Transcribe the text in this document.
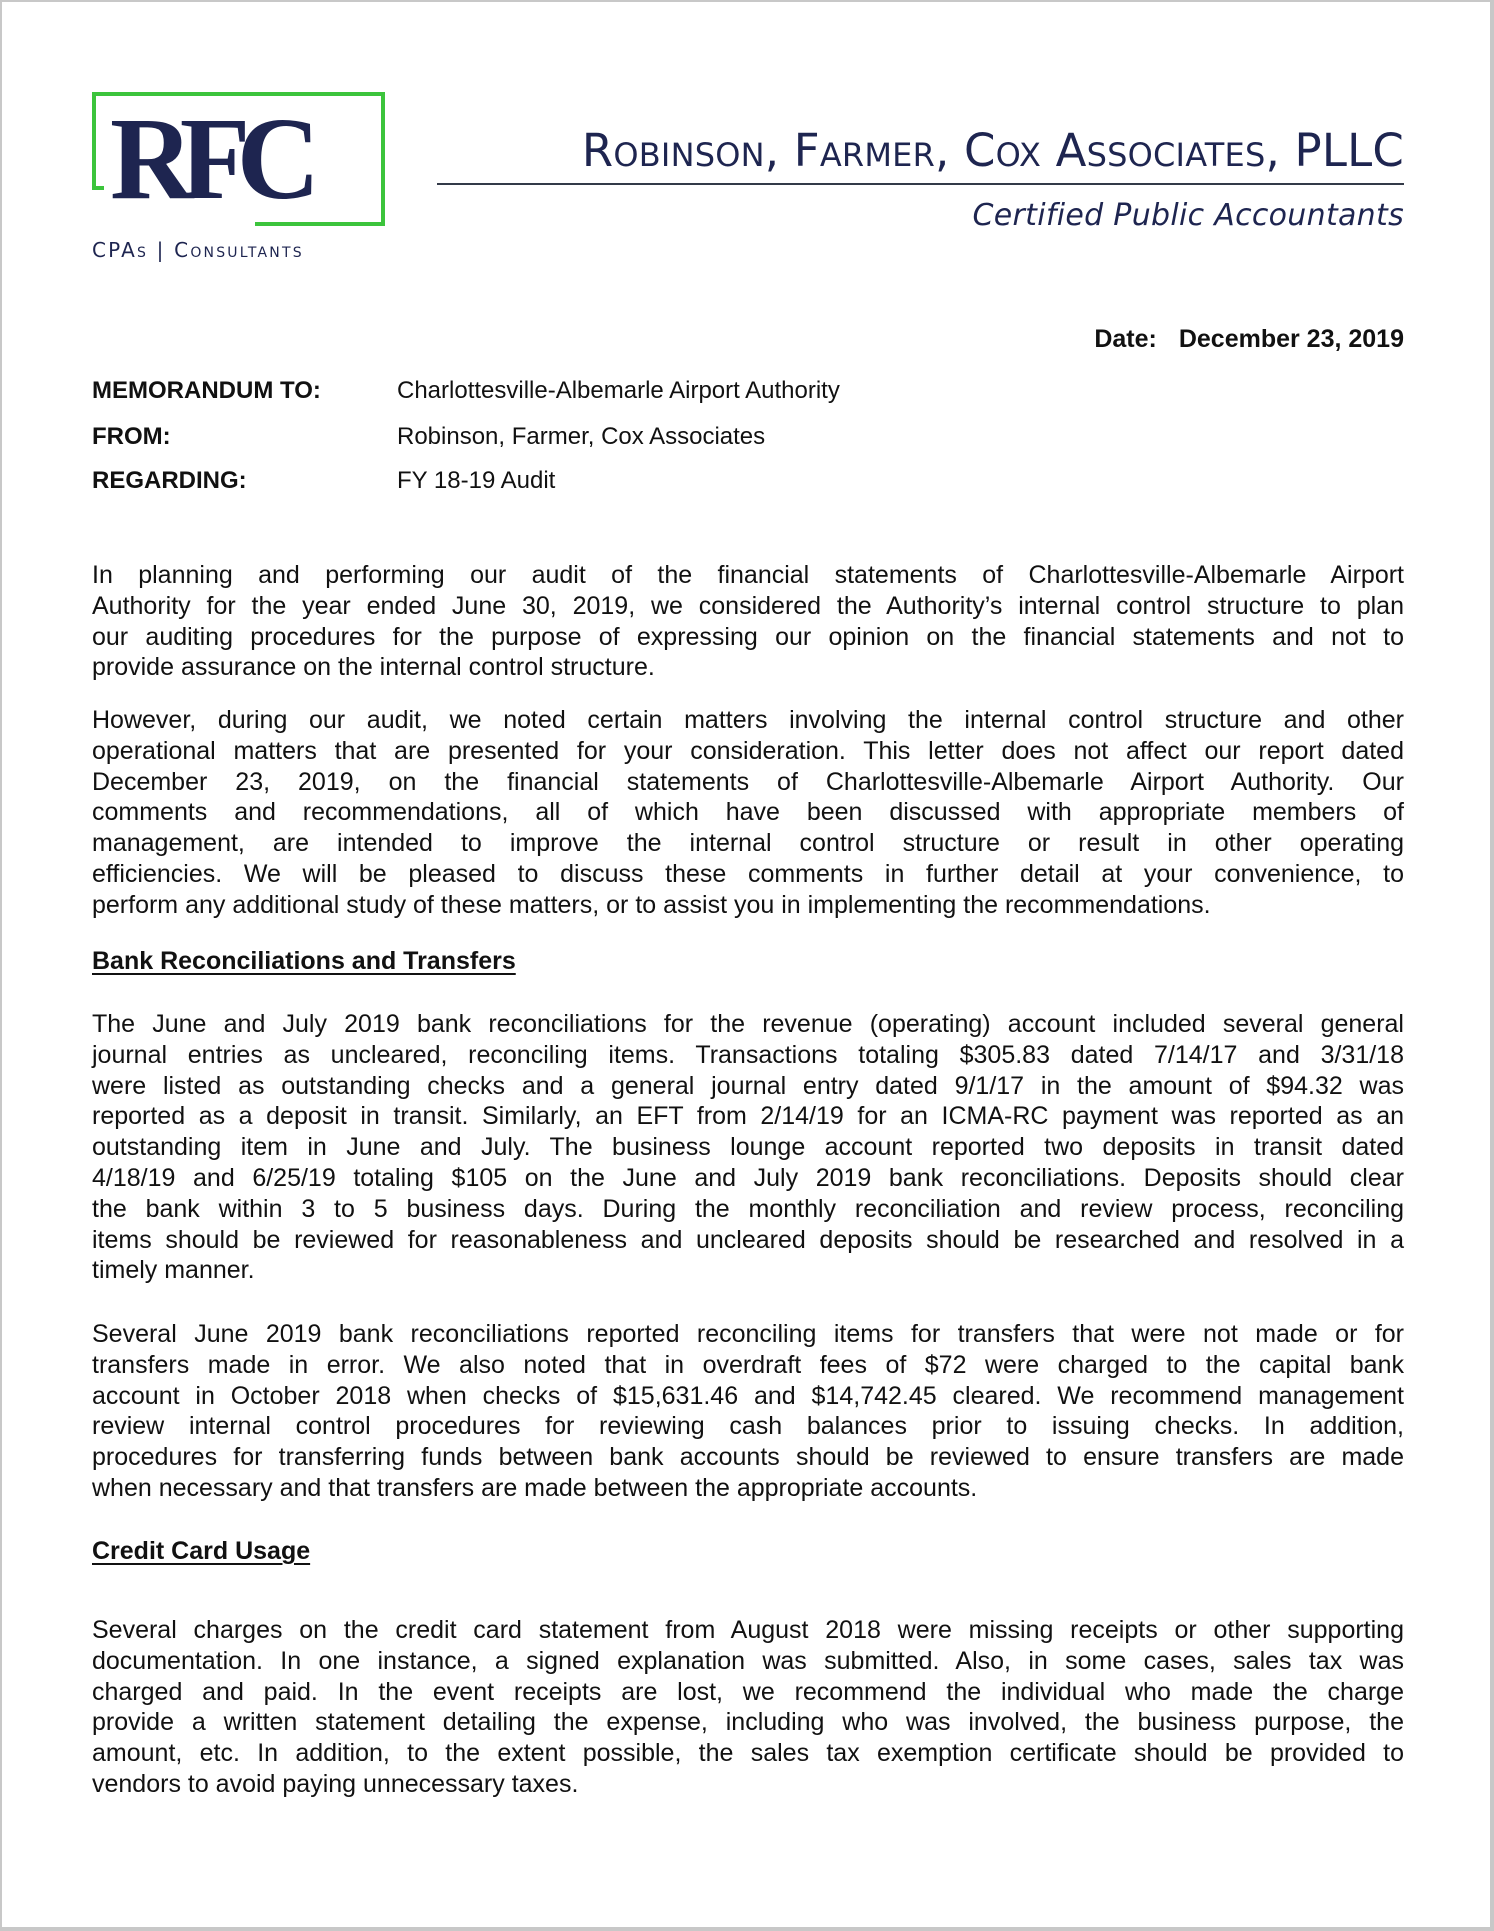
RFC
CPAs | Consultants
Robinson, Farmer, Cox Associates, PLLC
Certified Public Accountants
Date: December 23, 2019
MEMORANDUM TO:	Charlottesville-Albemarle Airport Authority
FROM:	Robinson, Farmer, Cox Associates
REGARDING:	FY 18-19 Audit
In planning and performing our audit of the financial statements of Charlottesville-Albemarle Airport
Authority for the year ended June 30, 2019, we considered the Authority’s internal control structure to plan
our auditing procedures for the purpose of expressing our opinion on the financial statements and not to
provide assurance on the internal control structure.
However, during our audit, we noted certain matters involving the internal control structure and other
operational matters that are presented for your consideration. This letter does not affect our report dated
December 23, 2019, on the financial statements of Charlottesville-Albemarle Airport Authority. Our
comments and recommendations, all of which have been discussed with appropriate members of
management, are intended to improve the internal control structure or result in other operating
efficiencies. We will be pleased to discuss these comments in further detail at your convenience, to
perform any additional study of these matters, or to assist you in implementing the recommendations.
Bank Reconciliations and Transfers
The June and July 2019 bank reconciliations for the revenue (operating) account included several general
journal entries as uncleared, reconciling items. Transactions totaling $305.83 dated 7/14/17 and 3/31/18
were listed as outstanding checks and a general journal entry dated 9/1/17 in the amount of $94.32 was
reported as a deposit in transit. Similarly, an EFT from 2/14/19 for an ICMA-RC payment was reported as an
outstanding item in June and July. The business lounge account reported two deposits in transit dated
4/18/19 and 6/25/19 totaling $105 on the June and July 2019 bank reconciliations. Deposits should clear
the bank within 3 to 5 business days. During the monthly reconciliation and review process, reconciling
items should be reviewed for reasonableness and uncleared deposits should be researched and resolved in a
timely manner.
Several June 2019 bank reconciliations reported reconciling items for transfers that were not made or for
transfers made in error. We also noted that in overdraft fees of $72 were charged to the capital bank
account in October 2018 when checks of $15,631.46 and $14,742.45 cleared. We recommend management
review internal control procedures for reviewing cash balances prior to issuing checks. In addition,
procedures for transferring funds between bank accounts should be reviewed to ensure transfers are made
when necessary and that transfers are made between the appropriate accounts.
Credit Card Usage
Several charges on the credit card statement from August 2018 were missing receipts or other supporting
documentation. In one instance, a signed explanation was submitted. Also, in some cases, sales tax was
charged and paid. In the event receipts are lost, we recommend the individual who made the charge
provide a written statement detailing the expense, including who was involved, the business purpose, the
amount, etc. In addition, to the extent possible, the sales tax exemption certificate should be provided to
vendors to avoid paying unnecessary taxes.
